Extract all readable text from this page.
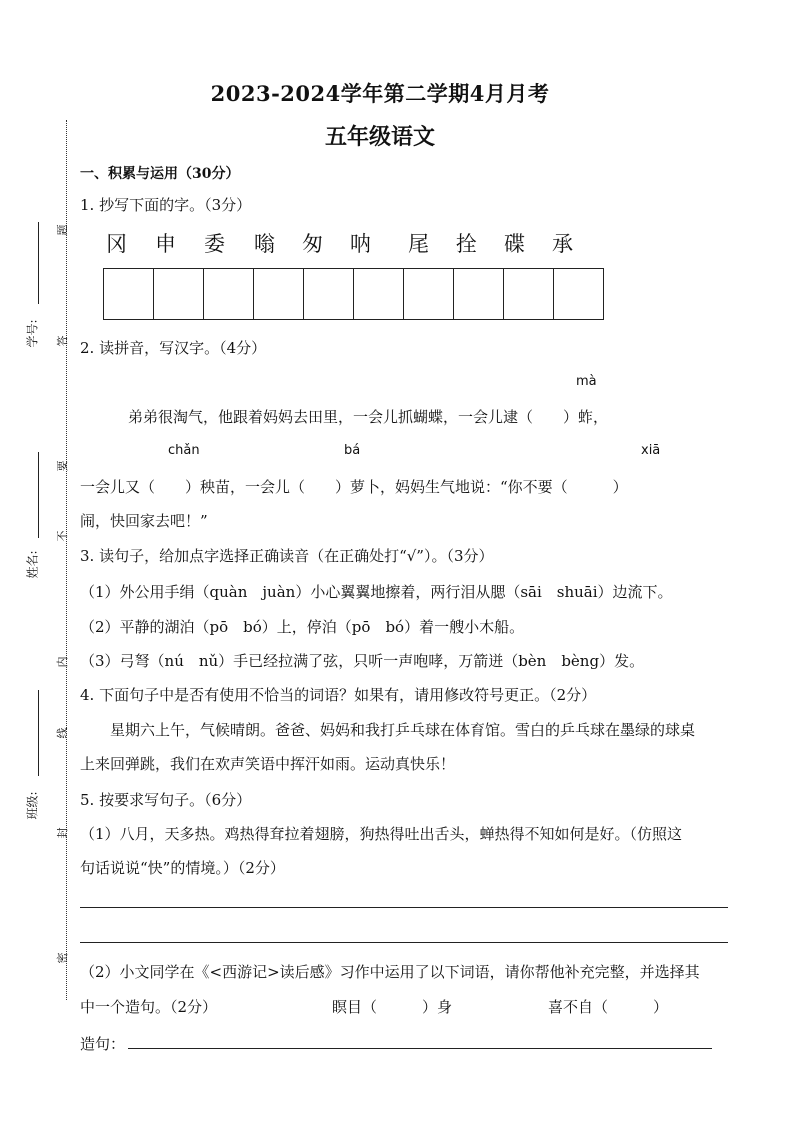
2023-2024学年第二学期4月月考
五年级语文
学号:
姓名:
班级:
题
答
要
不
内
线
封
密
一、积累与运用（30分）
1. 抄写下面的字。（3分）
冈 申 委 嗡 匆 呐 尾 拴 碟 承
2. 读拼音，写汉字。（4分）
mà
弟弟很淘气，他跟着妈妈去田里，一会儿抓蝴蝶，一会儿逮（　　）蚱，
chǎn	bá	xiā
一会儿又（　　）秧苗，一会儿（　　）萝卜，妈妈生气地说：“你不要（　　　）
闹，快回家去吧！”
3. 读句子，给加点字选择正确读音（在正确处打“√”）。（3分）
（1）外公用手绢（quàn　juàn）小心翼翼地擦着，两行泪从腮（sāi　shuāi）边流下。
（2）平静的湖泊（pō　bó）上，停泊（pō　bó）着一艘小木船。
（3）弓弩（nú　nǔ）手已经拉满了弦，只听一声咆哮，万箭迸（bèn　bèng）发。
4. 下面句子中是否有使用不恰当的词语？如果有，请用修改符号更正。（2分）
星期六上午，气候晴朗。爸爸、妈妈和我打乒乓球在体育馆。雪白的乒乓球在墨绿的球桌
上来回弹跳，我们在欢声笑语中挥汗如雨。运动真快乐！
5. 按要求写句子。（6分）
（1）八月，天多热。鸡热得耷拉着翅膀，狗热得吐出舌头，蝉热得不知如何是好。（仿照这
句话说说“快”的情境。）（2分）
（2）小文同学在《<西游记>读后感》习作中运用了以下词语，请你帮他补充完整，并选择其
中一个造句。（2分）	瞑目（　　　）身	喜不自（　　　）
造句：
